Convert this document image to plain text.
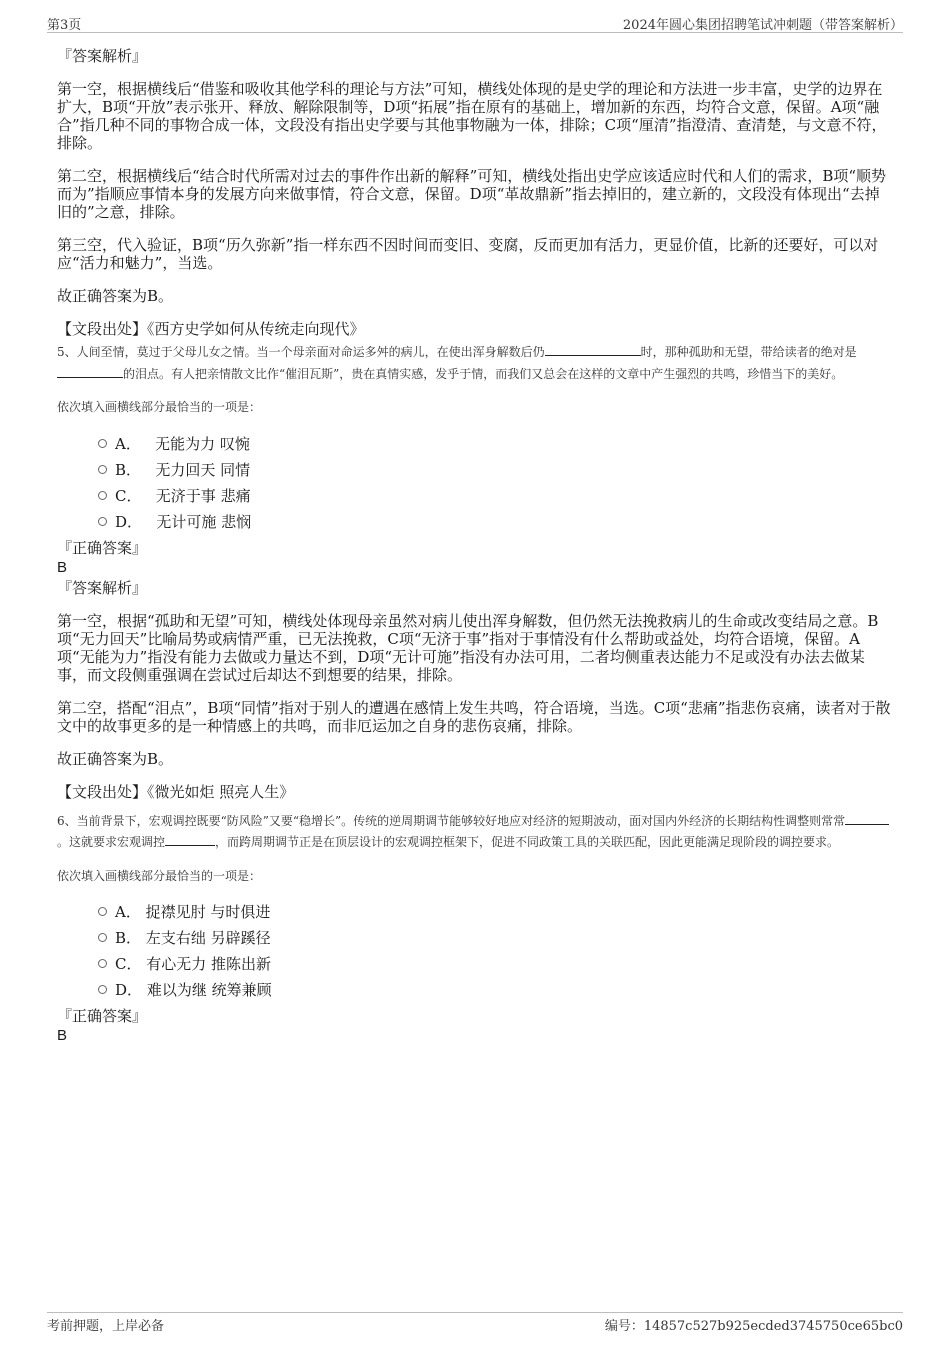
第3页	2024年圆心集团招聘笔试冲刺题（带答案解析）

『答案解析』

第一空，根据横线后“借鉴和吸收其他学科的理论与方法”可知，横线处体现的是史学的理论和方法进一步丰富，史学的边界在扩大，B项“开放”表示张开、释放、解除限制等，D项“拓展”指在原有的基础上，增加新的东西，均符合文意，保留。A项“融合”指几种不同的事物合成一体，文段没有指出史学要与其他事物融为一体，排除；C项“厘清”指澄清、查清楚，与文意不符，排除。

第二空，根据横线后“结合时代所需对过去的事件作出新的解释”可知，横线处指出史学应该适应时代和人们的需求，B项“顺势而为”指顺应事情本身的发展方向来做事情，符合文意，保留。D项“革故鼎新”指去掉旧的，建立新的，文段没有体现出“去掉旧的”之意，排除。

第三空，代入验证，B项“历久弥新”指一样东西不因时间而变旧、变腐，反而更加有活力，更显价值，比新的还要好，可以对应“活力和魅力”，当选。

故正确答案为B。

【文段出处】《西方史学如何从传统走向现代》

5、人间至情，莫过于父母儿女之情。当一个母亲面对命运多舛的病儿，在使出浑身解数后仍	时，那种孤助和无望，带给读者的绝对是的泪点。有人把亲情散文比作“催泪瓦斯”，贵在真情实感，发乎于情，而我们又总会在这样的文章中产生强烈的共鸣，珍惜当下的美好。

依次填入画横线部分最恰当的一项是：

A． 无能为力 叹惋
B． 无力回天 同情
C． 无济于事 悲痛
D． 无计可施 悲悯

『正确答案』

B

『答案解析』

第一空，根据“孤助和无望”可知，横线处体现母亲虽然对病儿使出浑身解数，但仍然无法挽救病儿的生命或改变结局之意。B项“无力回天”比喻局势或病情严重，已无法挽救，C项“无济于事”指对于事情没有什么帮助或益处，均符合语境，保留。A项“无能为力”指没有能力去做或力量达不到，D项“无计可施”指没有办法可用，二者均侧重表达能力不足或没有办法去做某事，而文段侧重强调在尝试过后却达不到想要的结果，排除。

第二空，搭配“泪点”，B项“同情”指对于别人的遭遇在感情上发生共鸣，符合语境，当选。C项“悲痛”指悲伤哀痛，读者对于散文中的故事更多的是一种情感上的共鸣，而非厄运加之自身的悲伤哀痛，排除。

故正确答案为B。

【文段出处】《微光如炬 照亮人生》

6、当前背景下，宏观调控既要“防风险”又要“稳增长”。传统的逆周期调节能够较好地应对经济的短期波动，面对国内外经济的长期结构性调整则常常。这就要求宏观调控	，而跨周期调节正是在顶层设计的宏观调控框架下，促进不同政策工具的关联匹配，因此更能满足现阶段的调控要求。

依次填入画横线部分最恰当的一项是：

A． 捉襟见肘 与时俱进
B． 左支右绌 另辟蹊径
C． 有心无力 推陈出新
D． 难以为继 统筹兼顾

『正确答案』

B

考前押题，上岸必备	编号：14857c527b925ecded3745750ce65bc0
